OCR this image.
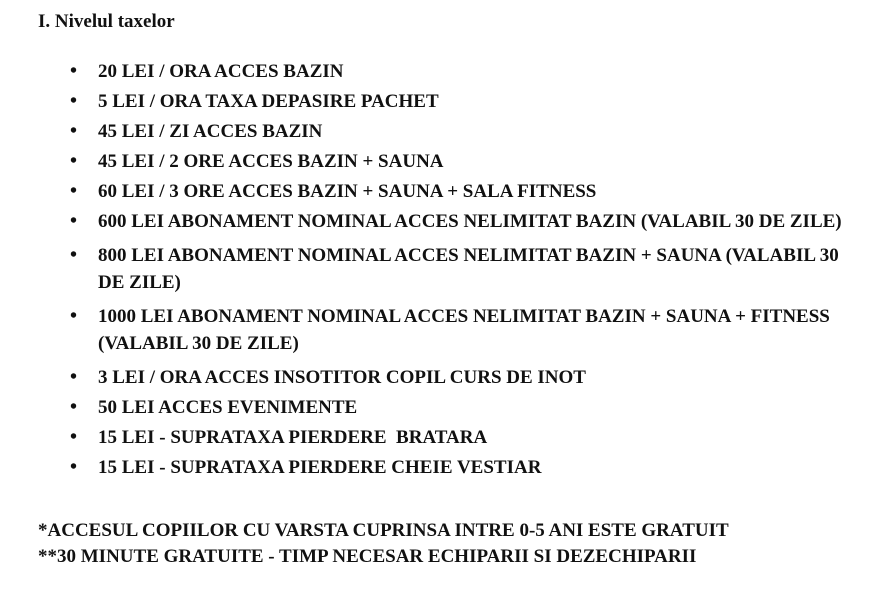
I. Nivelul taxelor
• 20 LEI / ORA ACCES BAZIN
• 5 LEI / ORA TAXA DEPASIRE PACHET
• 45 LEI / ZI ACCES BAZIN
• 45 LEI / 2 ORE ACCES BAZIN + SAUNA
• 60 LEI / 3 ORE ACCES BAZIN + SAUNA + SALA FITNESS
• 600 LEI ABONAMENT NOMINAL ACCES NELIMITAT BAZIN (VALABIL 30 DE ZILE)
• 800 LEI ABONAMENT NOMINAL ACCES NELIMITAT BAZIN + SAUNA (VALABIL 30 DE ZILE)
• 1000 LEI ABONAMENT NOMINAL ACCES NELIMITAT BAZIN + SAUNA + FITNESS (VALABIL 30 DE ZILE)
• 3 LEI / ORA ACCES INSOTITOR COPIL CURS DE INOT
• 50 LEI ACCES EVENIMENTE
• 15 LEI - SUPRATAXA PIERDERE  BRATARA
• 15 LEI - SUPRATAXA PIERDERE CHEIE VESTIAR

*ACCESUL COPIILOR CU VARSTA CUPRINSA INTRE 0-5 ANI ESTE GRATUIT

**30 MINUTE GRATUITE - TIMP NECESAR ECHIPARII SI DEZECHIPARII
